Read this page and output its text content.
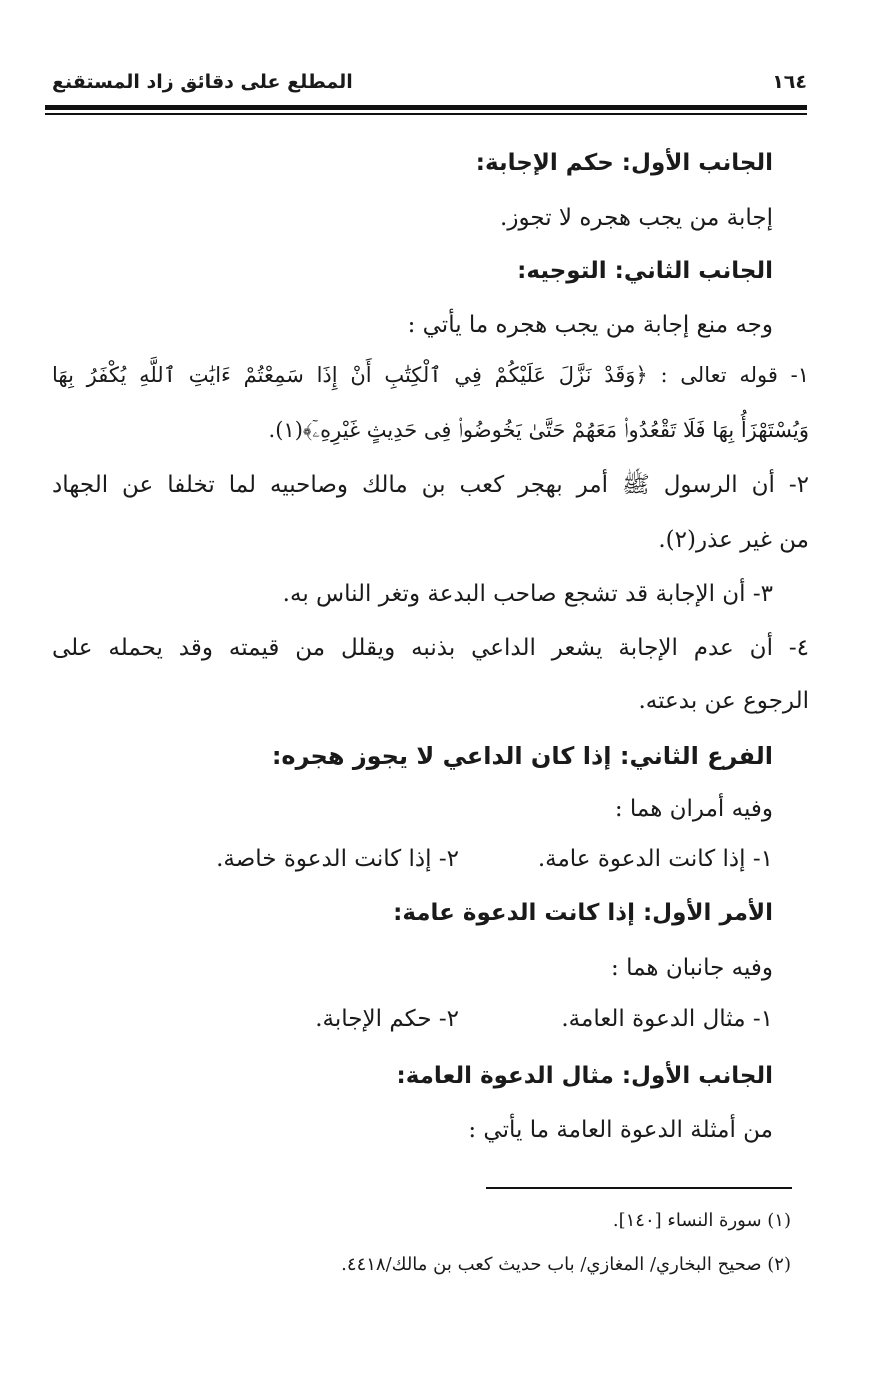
١٦٤
المطلع على دقائق زاد المستقنع
الجانب الأول: حكم الإجابة:
إجابة من يجب هجره لا تجوز.
الجانب الثاني: التوجيه:
وجه منع إجابة من يجب هجره ما يأتي :
١- قوله تعالى : ﴿وَقَدْ نَزَّلَ عَلَيْكُمْ فِي ٱلْكِتَٰبِ أَنْ إِذَا سَمِعْتُمْ ءَايَٰتِ ٱللَّهِ يُكْفَرُ بِهَا
وَيُسْتَهْزَأُ بِهَا فَلَا تَقْعُدُوا۟ مَعَهُمْ حَتَّىٰ يَخُوضُوا۟ فِى حَدِيثٍ غَيْرِهِۦٓ﴾(١).
٢- أن الرسول ﷺ أمر بهجر كعب بن مالك وصاحبيه لما تخلفا عن الجهاد
من غير عذر(٢).
٣- أن الإجابة قد تشجع صاحب البدعة وتغر الناس به.
٤- أن عدم الإجابة يشعر الداعي بذنبه ويقلل من قيمته وقد يحمله على
الرجوع عن بدعته.
الفرع الثاني: إذا كان الداعي لا يجوز هجره:
وفيه أمران هما :
١- إذا كانت الدعوة عامة.
٢- إذا كانت الدعوة خاصة.
الأمر الأول: إذا كانت الدعوة عامة:
وفيه جانبان هما :
١- مثال الدعوة العامة.
٢- حكم الإجابة.
الجانب الأول: مثال الدعوة العامة:
من أمثلة الدعوة العامة ما يأتي :
(١) سورة النساء [١٤٠].
(٢) صحيح البخاري/ المغازي/ باب حديث كعب بن مالك/٤٤١٨.
